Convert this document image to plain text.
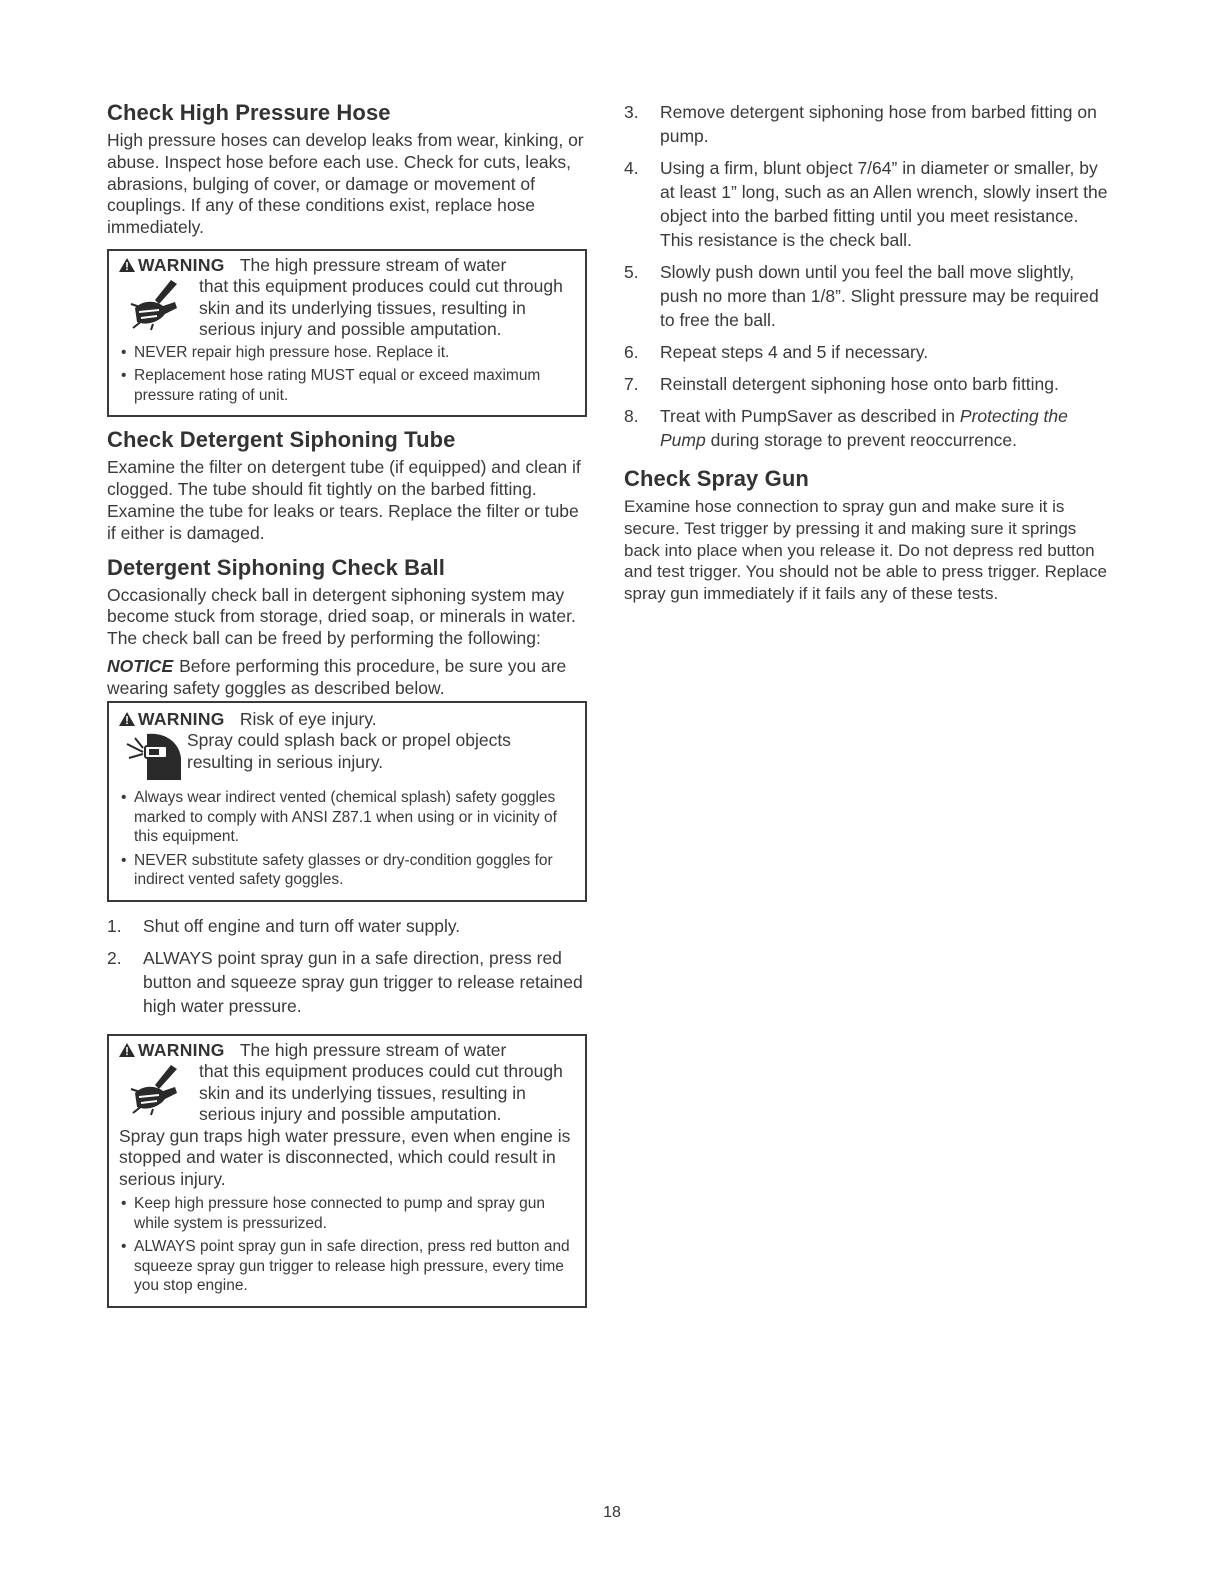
Check High Pressure Hose

High pressure hoses can develop leaks from wear, kinking, or abuse. Inspect hose before each use. Check for cuts, leaks, abrasions, bulging of cover, or damage or movement of couplings. If any of these conditions exist, replace hose immediately.

WARNING The high pressure stream of water
that this equipment produces could cut through skin and its underlying tissues, resulting in serious injury and possible amputation.
• NEVER repair high pressure hose. Replace it.
• Replacement hose rating MUST equal or exceed maximum pressure rating of unit.
Check Detergent Siphoning Tube

Examine the filter on detergent tube (if equipped) and clean if clogged. The tube should fit tightly on the barbed fitting. Examine the tube for leaks or tears. Replace the filter or tube if either is damaged.

Detergent Siphoning Check Ball

Occasionally check ball in detergent siphoning system may become stuck from storage, dried soap, or minerals in water. The check ball can be freed by performing the following:

NOTICE Before performing this procedure, be sure you are wearing safety goggles as described below.

WARNING Risk of eye injury.
Spray could splash back or propel objects resulting in serious injury.
• Always wear indirect vented (chemical splash) safety goggles marked to comply with ANSI Z87.1 when using or in vicinity of this equipment.
• NEVER substitute safety glasses or dry-condition goggles for indirect vented safety goggles.
1. Shut off engine and turn off water supply.
2. ALWAYS point spray gun in a safe direction, press red button and squeeze spray gun trigger to release retained high water pressure.
WARNING The high pressure stream of water
that this equipment produces could cut through skin and its underlying tissues, resulting in serious injury and possible amputation.
Spray gun traps high water pressure, even when engine is stopped and water is disconnected, which could result in serious injury.
• Keep high pressure hose connected to pump and spray gun while system is pressurized.
• ALWAYS point spray gun in safe direction, press red button and squeeze spray gun trigger to release high pressure, every time you stop engine.
3. Remove detergent siphoning hose from barbed fitting on pump.
4. Using a firm, blunt object 7/64” in diameter or smaller, by at least 1” long, such as an Allen wrench, slowly insert the object into the barbed fitting until you meet resistance. This resistance is the check ball.
5. Slowly push down until you feel the ball move slightly, push no more than 1/8”. Slight pressure may be required to free the ball.
6. Repeat steps 4 and 5 if necessary.
7. Reinstall detergent siphoning hose onto barb fitting.
8. Treat with PumpSaver as described in Protecting the Pump during storage to prevent reoccurrence.
Check Spray Gun

Examine hose connection to spray gun and make sure it is secure. Test trigger by pressing it and making sure it springs back into place when you release it. Do not depress red button and test trigger. You should not be able to press trigger. Replace spray gun immediately if it fails any of these tests.

18
